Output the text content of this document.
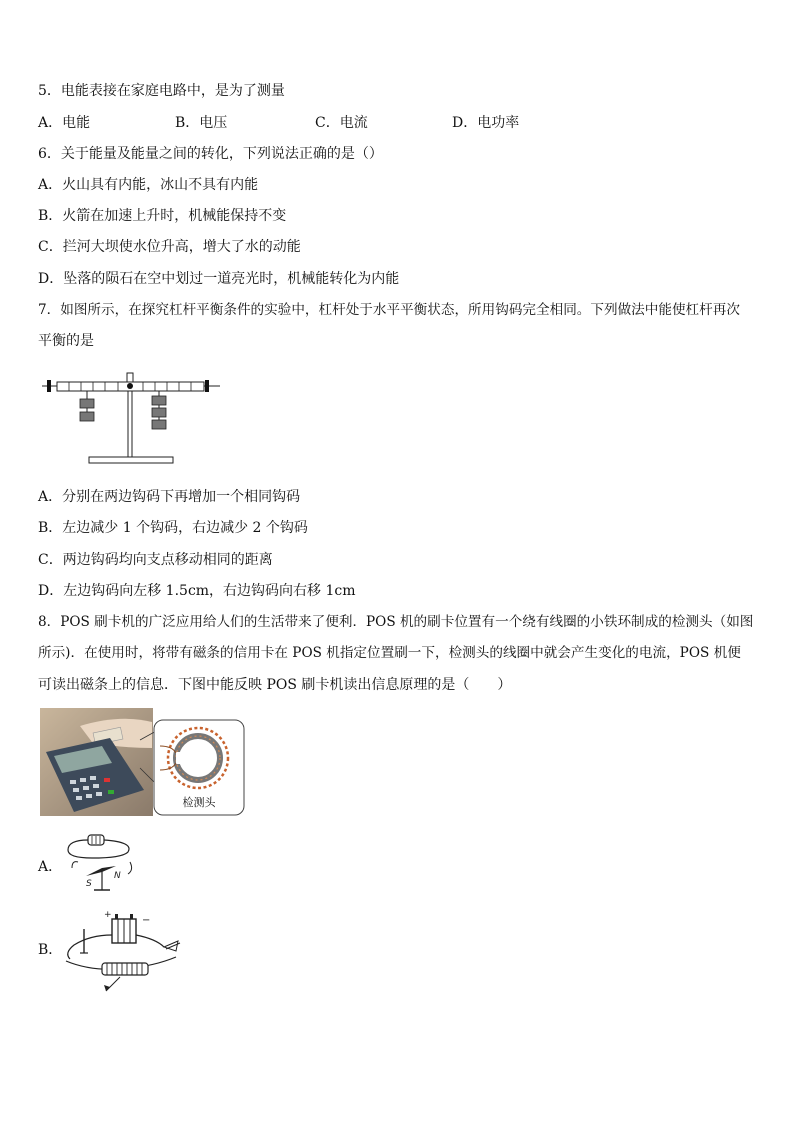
5．电能表接在家庭电路中，是为了测量
A．电能	B．电压	C．电流	D．电功率
6．关于能量及能量之间的转化，下列说法正确的是（）
A．火山具有内能，冰山不具有内能
B．火箭在加速上升时，机械能保持不变
C．拦河大坝使水位升高，增大了水的动能
D．坠落的陨石在空中划过一道亮光时，机械能转化为内能
7．如图所示，在探究杠杆平衡条件的实验中，杠杆处于水平平衡状态，所用钩码完全相同。下列做法中能使杠杆再次
平衡的是
A．分别在两边钩码下再增加一个相同钩码
B．左边减少 1 个钩码，右边减少 2 个钩码
C．两边钩码均向支点移动相同的距离
D．左边钩码向左移 1.5cm，右边钩码向右移 1cm
8．POS 刷卡机的广泛应用给人们的生活带来了便利．POS 机的刷卡位置有一个绕有线圈的小铁环制成的检测头（如图
所示)．在使用时，将带有磁条的信用卡在 POS 机指定位置刷一下，检测头的线圈中就会产生变化的电流，POS 机便
可读出磁条上的信息．下图中能反映 POS 刷卡机读出信息原理的是（　　）
检测头
A．
S
N
B．
+	−
